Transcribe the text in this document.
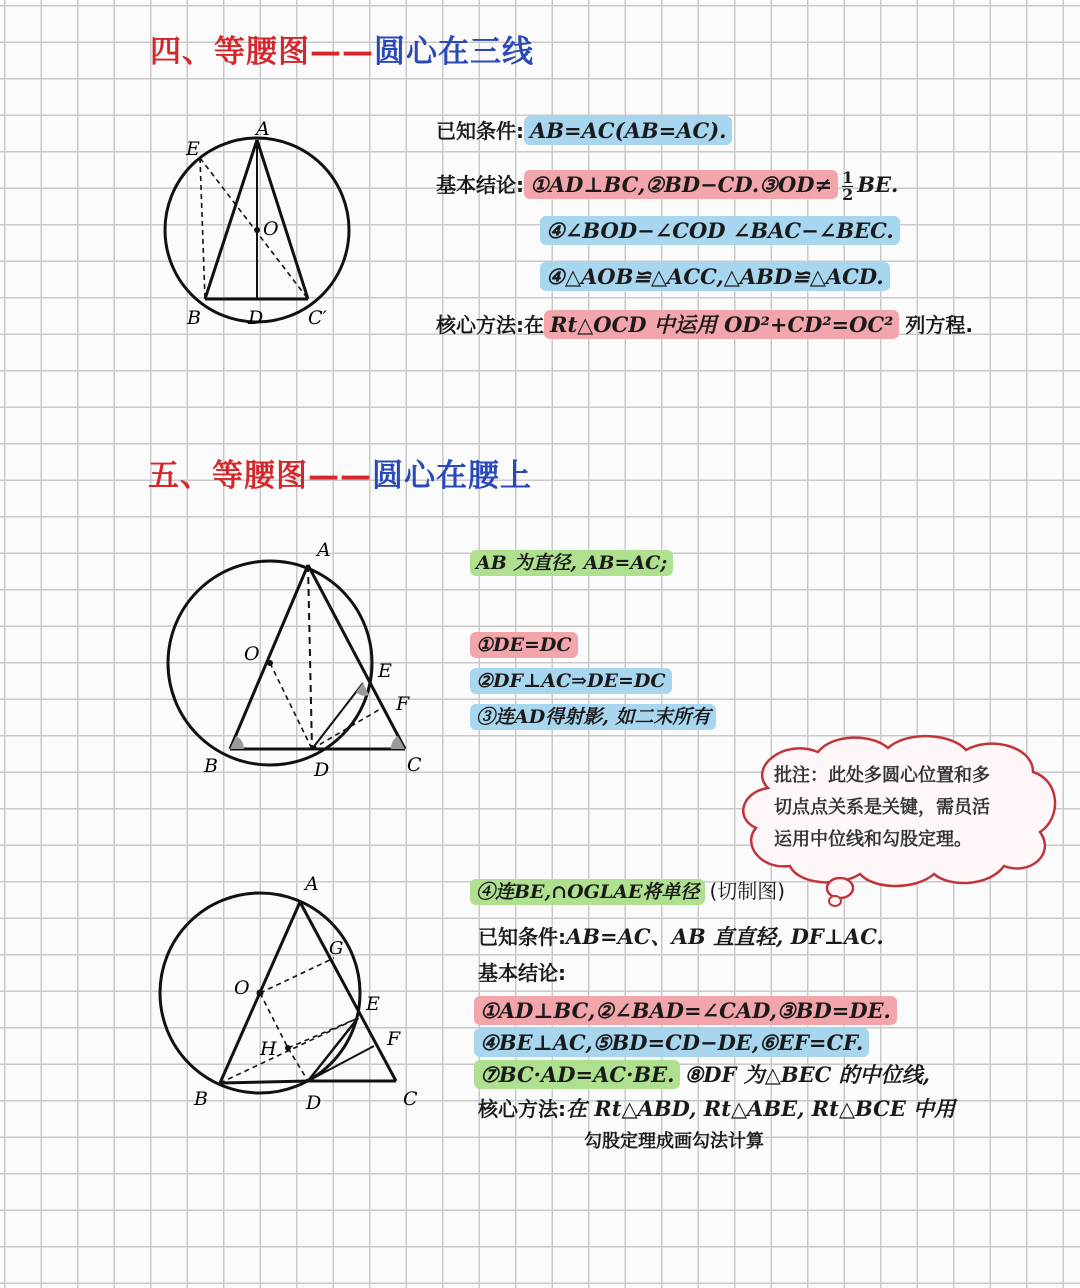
四、等腰图——圆心在三线
A
E
O
B D C′
已知条件: AB=AC(AB=AC).
基本结论: ①AD⊥BC,②BD−CD.③OD≠ $\frac{1}{2}$ BE.
④∠BOD−∠COD ∠BAC−∠BEC.
④△AOB≌△ACC,△ABD≌△ACD.
核心方法:在 Rt△OCD 中运用 OD²+CD²=OC² 列方程.
五、等腰图——圆心在腰上
A
O
E
F
B	D	C
AB 为直径, AB=AC;
①DE=DC
②DF⊥AC⇒DE=DC
③连AD得射影, 如二末所有
批注：此处多圆心位置和多
切点点关系是关键，需员活
运用中位线和勾股定理。
A
O
G
E
F
H
B	D	C
④连BE,∩OGLAE将单径 (切制图)
已知条件:AB=AC、AB 直直轻, DF⊥AC.
基本结论:
①AD⊥BC,②∠BAD=∠CAD,③BD=DE.
④BE⊥AC,⑤BD=CD−DE,⑥EF=CF.
⑦BC·AD=AC·BE. ⑧DF 为△BEC 的中位线,
核心方法:在 Rt△ABD, Rt△ABE, Rt△BCE 中用
勾股定理成画勾法计算
